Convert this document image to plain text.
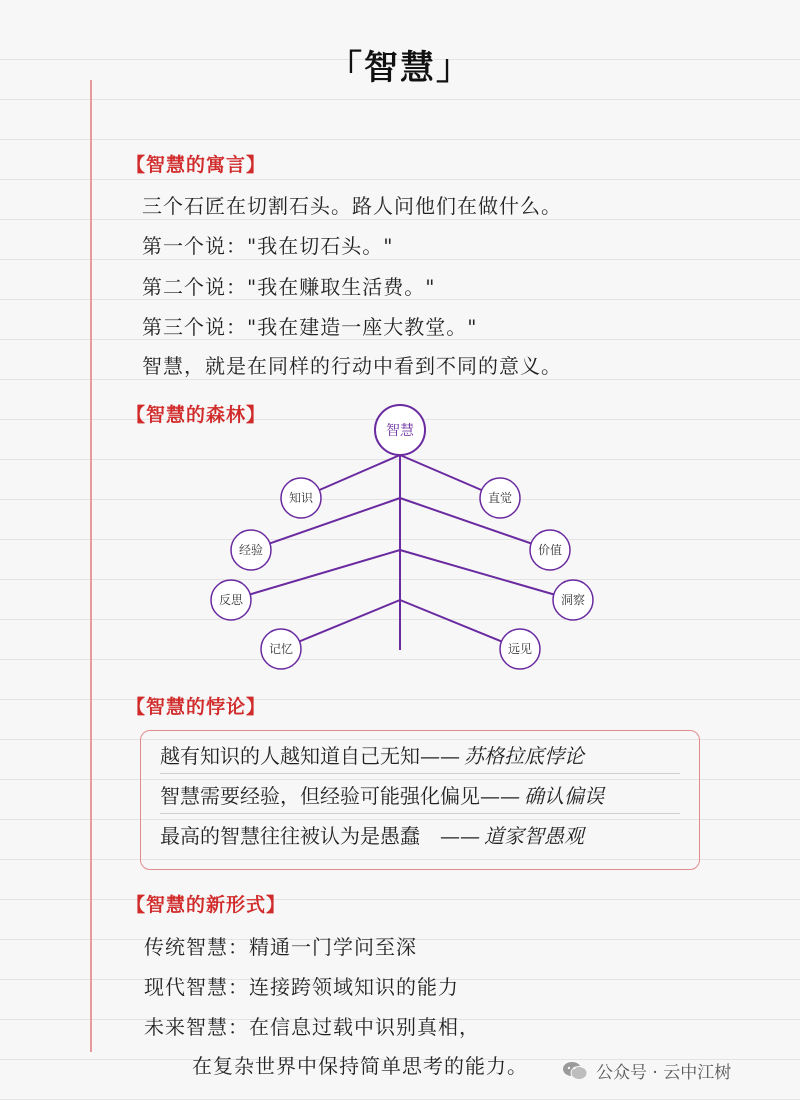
「智慧」
【智慧的寓言】
三个石匠在切割石头。路人问他们在做什么。
第一个说："我在切石头。"
第二个说："我在赚取生活费。"
第三个说："我在建造一座大教堂。"
智慧，就是在同样的行动中看到不同的意义。
【智慧的森林】
智慧
知识
经验
反思
记忆
直觉
价值
洞察
远见
【智慧的悖论】
越有知识的人越知道自己无知—— 苏格拉底悖论
智慧需要经验，但经验可能强化偏见—— 确认偏误
最高的智慧往往被认为是愚蠢　—— 道家智愚观
【智慧的新形式】
传统智慧：精通一门学问至深
现代智慧：连接跨领域知识的能力
未来智慧：在信息过载中识别真相，
在复杂世界中保持简单思考的能力。	公众号 · 云中江树
